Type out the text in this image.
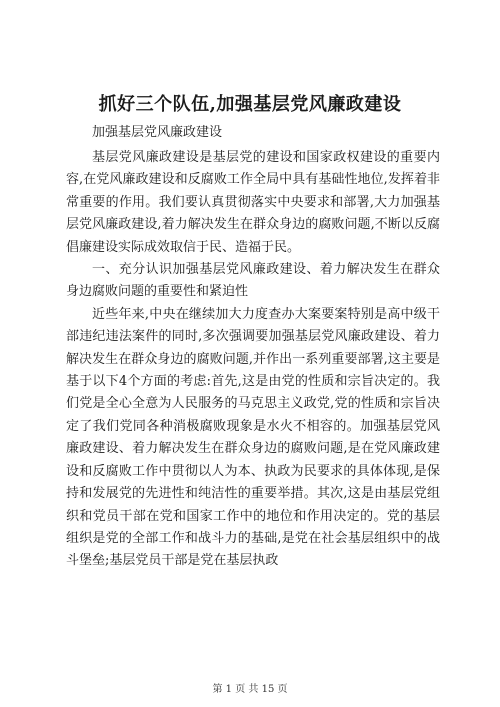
抓好三个队伍,加强基层党风廉政建设
加强基层党风廉政建设

基层党风廉政建设是基层党的建设和国家政权建设的重要内容,在党风廉政建设和反腐败工作全局中具有基础性地位,发挥着非常重要的作用。我们要认真贯彻落实中央要求和部署,大力加强基层党风廉政建设,着力解决发生在群众身边的腐败问题,不断以反腐倡廉建设实际成效取信于民、造福于民。

一、充分认识加强基层党风廉政建设、着力解决发生在群众身边腐败问题的重要性和紧迫性

近些年来,中央在继续加大力度查办大案要案特别是高中级干部违纪违法案件的同时,多次强调要加强基层党风廉政建设、着力解决发生在群众身边的腐败问题,并作出一系列重要部署,这主要是基于以下4个方面的考虑:首先,这是由党的性质和宗旨决定的。我们党是全心全意为人民服务的马克思主义政党,党的性质和宗旨决定了我们党同各种消极腐败现象是水火不相容的。加强基层党风廉政建设、着力解决发生在群众身边的腐败问题,是在党风廉政建设和反腐败工作中贯彻以人为本、执政为民要求的具体体现,是保持和发展党的先进性和纯洁性的重要举措。其次,这是由基层党组织和党员干部在党和国家工作中的地位和作用决定的。党的基层组织是党的全部工作和战斗力的基础,是党在社会基层组织中的战斗堡垒;基层党员干部是党在基层执政

第 1 页 共 15 页
